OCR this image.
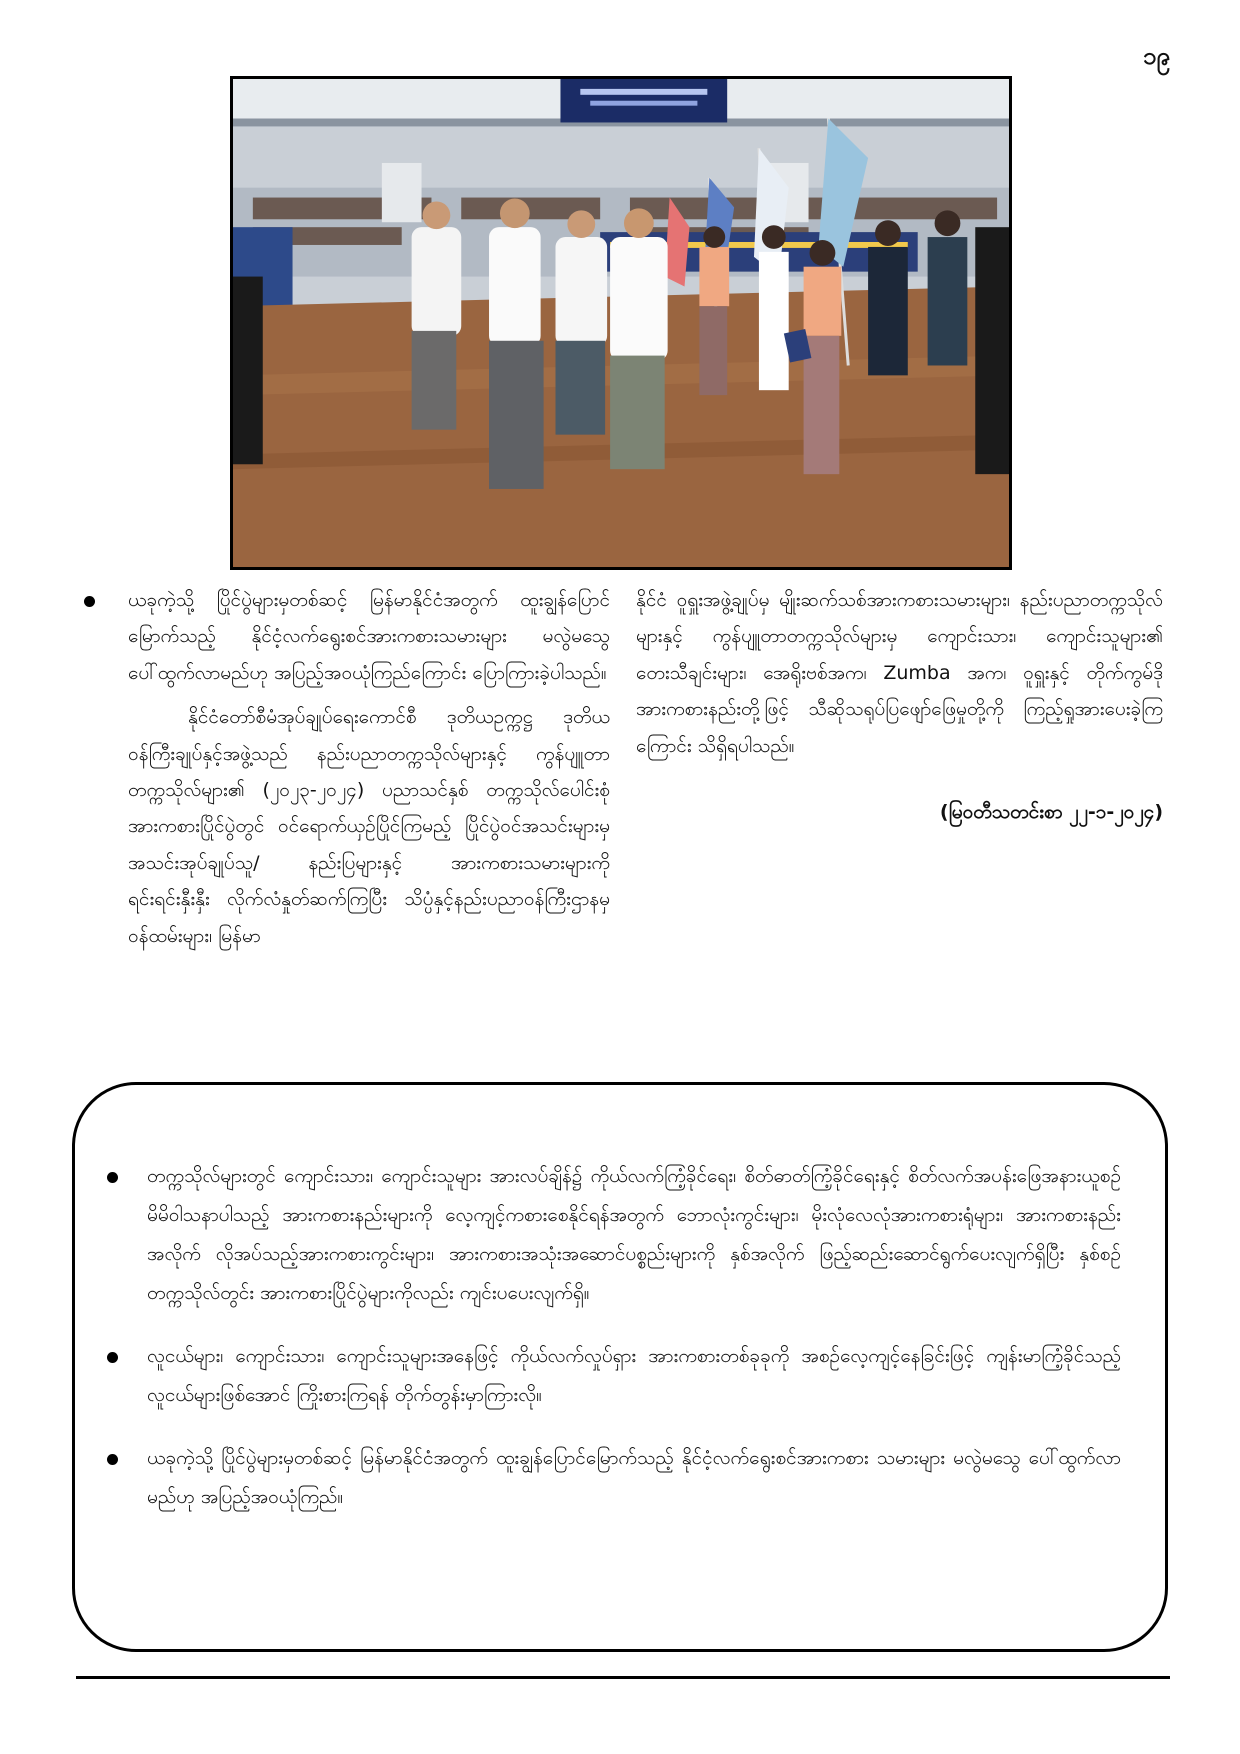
၁၉

ယခုကဲ့သို့ ပြိုင်ပွဲများမှတစ်ဆင့် မြန်မာနိုင်ငံအတွက် ထူးချွန်ပြောင်မြောက်သည့် နိုင်ငံ့လက်ရွေးစင်အားကစားသမားများ မလွဲမသွေ ပေါ်ထွက်လာမည်ဟု အပြည့်အဝယုံကြည်ကြောင်း ပြောကြားခဲ့ပါသည်။

နိုင်ငံတော်စီမံအုပ်ချုပ်ရေးကောင်စီ ဒုတိယဥက္ကဋ္ဌ ဒုတိယဝန်ကြီးချုပ်နှင့်အဖွဲ့သည် နည်းပညာတက္ကသိုလ်များနှင့် ကွန်ပျူတာတက္ကသိုလ်များ၏ (၂၀၂၃-၂၀၂၄) ပညာသင်နှစ် တက္ကသိုလ်ပေါင်းစုံအားကစားပြိုင်ပွဲတွင် ဝင်ရောက်ယှဉ်ပြိုင်ကြမည့် ပြိုင်ပွဲဝင်အသင်းများမှ အသင်းအုပ်ချုပ်သူ/ နည်းပြများနှင့် အားကစားသမားများကို ရင်းရင်းနှီးနှီး လိုက်လံနှုတ်ဆက်ကြပြီး သိပ္ပံနှင့်နည်းပညာဝန်ကြီးဌာနမှ ဝန်ထမ်းများ၊ မြန်မာ

နိုင်ငံ ဝူရှူးအဖွဲ့ချုပ်မှ မျိုးဆက်သစ်အားကစားသမားများ၊ နည်းပညာတက္ကသိုလ်များနှင့် ကွန်ပျူတာတက္ကသိုလ်များမှ ကျောင်းသား၊ ကျောင်းသူများ၏ တေးသီချင်းများ၊ အေရိုးဗစ်အက၊ Zumba အက၊ ဝူရှူးနှင့် တိုက်ကွမ်ဒိုအားကစားနည်းတို့ဖြင့် သီဆိုသရုပ်ပြဖျော်ဖြေမှုတို့ကို ကြည့်ရှုအားပေးခဲ့ကြကြောင်း သိရှိရပါသည်။

(မြဝတီသတင်းစာ ၂၂-၁-၂၀၂၄)

တက္ကသိုလ်များတွင် ကျောင်းသား၊ ကျောင်းသူများ အားလပ်ချိန်၌ ကိုယ်လက်ကြံ့ခိုင်ရေး၊ စိတ်ဓာတ်ကြံ့ခိုင်ရေးနှင့် စိတ်လက်အပန်းဖြေအနားယူစဉ် မိမိဝါသနာပါသည့် အားကစားနည်းများကို လေ့ကျင့်ကစားစေနိုင်ရန်အတွက် ဘောလုံးကွင်းများ၊ မိုးလုံလေလုံအားကစားရုံများ၊ အားကစားနည်းအလိုက် လိုအပ်သည့်အားကစားကွင်းများ၊ အားကစားအသုံးအဆောင်ပစ္စည်းများကို နှစ်အလိုက် ဖြည့်ဆည်းဆောင်ရွက်ပေးလျက်ရှိပြီး နှစ်စဉ်တက္ကသိုလ်တွင်း အားကစားပြိုင်ပွဲများကိုလည်း ကျင်းပပေးလျက်ရှိ။
လူငယ်များ၊ ကျောင်းသား၊ ကျောင်းသူများအနေဖြင့် ကိုယ်လက်လှုပ်ရှား အားကစားတစ်ခုခုကို အစဉ်လေ့ကျင့်နေခြင်းဖြင့် ကျန်းမာကြံ့ခိုင်သည့် လူငယ်များဖြစ်အောင် ကြိုးစားကြရန် တိုက်တွန်းမှာကြားလို။
ယခုကဲ့သို့ ပြိုင်ပွဲများမှတစ်ဆင့် မြန်မာနိုင်ငံအတွက် ထူးချွန်ပြောင်မြောက်သည့် နိုင်ငံ့လက်ရွေးစင်အားကစား သမားများ မလွဲမသွေ ပေါ်ထွက်လာမည်ဟု အပြည့်အဝယုံကြည်။
